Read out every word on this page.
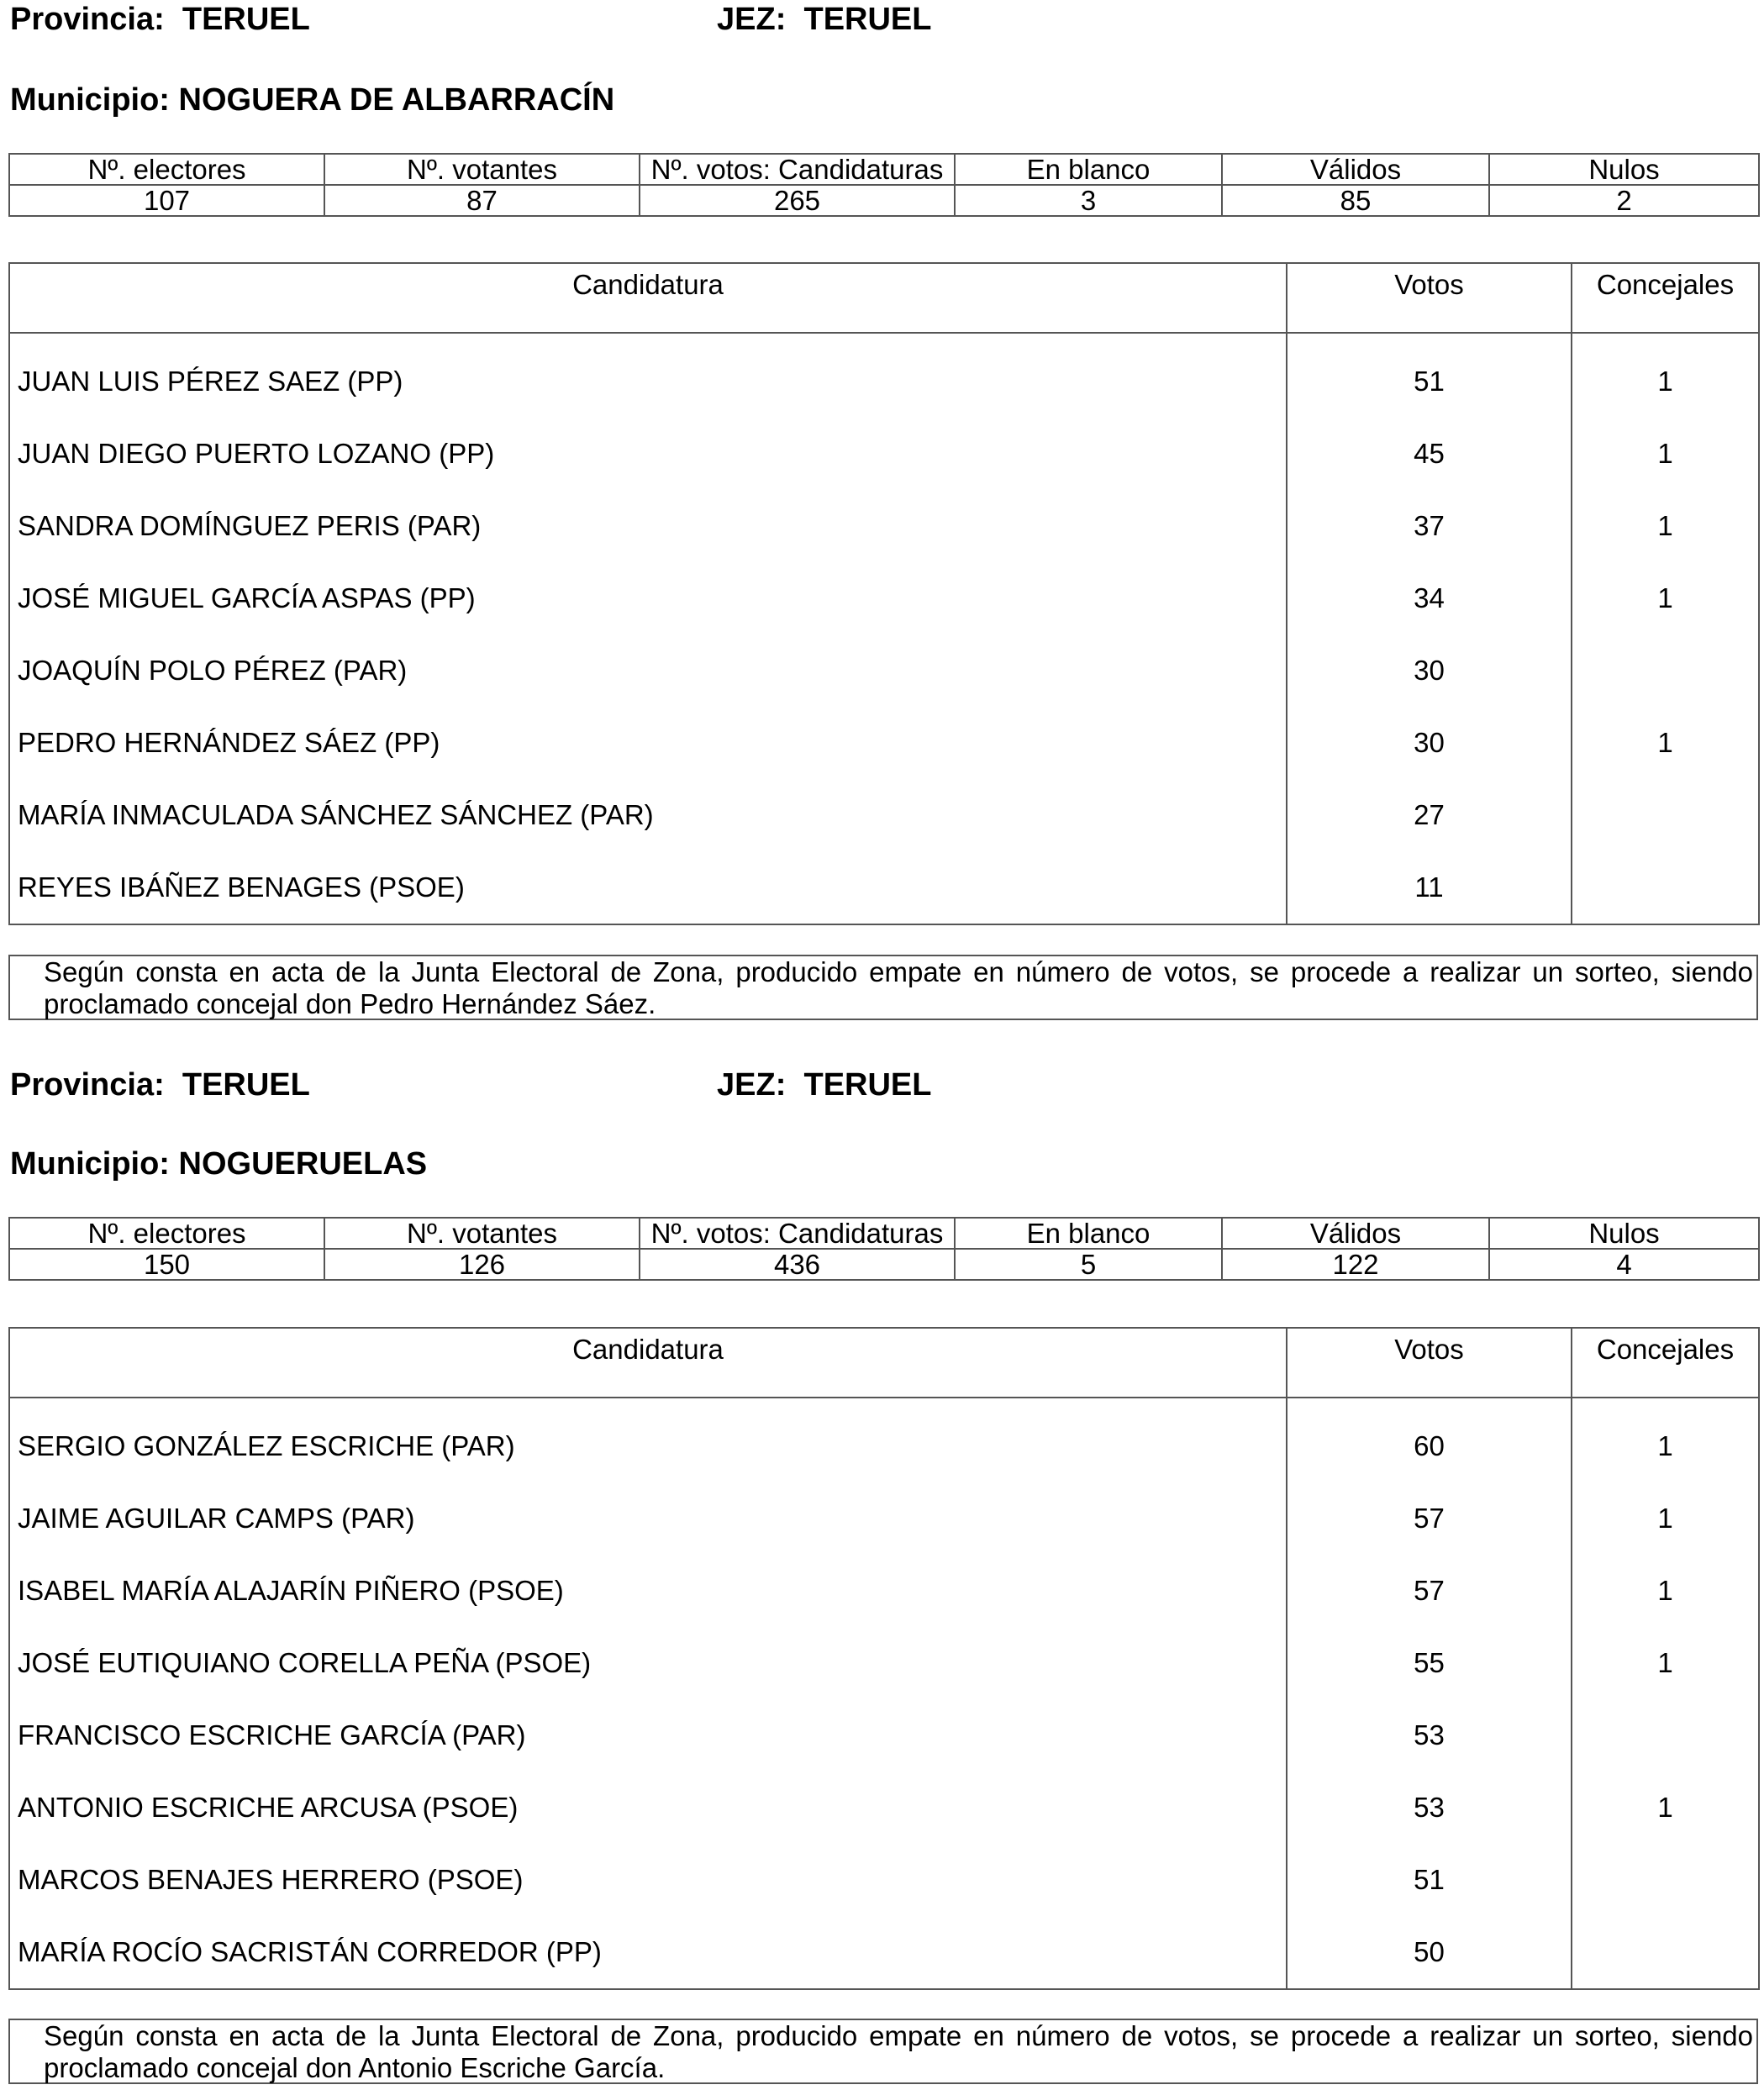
Provincia: TERUEL	JEZ: TERUEL
Municipio: NOGUERA DE ALBARRACÍN
Nº. electores	Nº. votantes	Nº. votos: Candidaturas	En blanco	Válidos	Nulos
107	87	265	3	85	2
Candidatura	Votos	Concejales
JUAN LUIS PÉREZ SAEZ (PP)	51	1
JUAN DIEGO PUERTO LOZANO (PP)	45	1
SANDRA DOMÍNGUEZ PERIS (PAR)	37	1
JOSÉ MIGUEL GARCÍA ASPAS (PP)	34	1
JOAQUÍN POLO PÉREZ (PAR)	30	
PEDRO HERNÁNDEZ SÁEZ (PP)	30	1
MARÍA INMACULADA SÁNCHEZ SÁNCHEZ (PAR)	27	
REYES IBÁÑEZ BENAGES (PSOE)	11	
Según consta en acta de la Junta Electoral de Zona, producido empate en número de votos, se procede a realizar un sorteo, siendo proclamado concejal don Pedro Hernández Sáez.
Provincia: TERUEL	JEZ: TERUEL
Municipio: NOGUERUELAS
Nº. electores	Nº. votantes	Nº. votos: Candidaturas	En blanco	Válidos	Nulos
150	126	436	5	122	4
Candidatura	Votos	Concejales
SERGIO GONZÁLEZ ESCRICHE (PAR)	60	1
JAIME AGUILAR CAMPS (PAR)	57	1
ISABEL MARÍA ALAJARÍN PIÑERO (PSOE)	57	1
JOSÉ EUTIQUIANO CORELLA PEÑA (PSOE)	55	1
FRANCISCO ESCRICHE GARCÍA (PAR)	53	
ANTONIO ESCRICHE ARCUSA (PSOE)	53	1
MARCOS BENAJES HERRERO (PSOE)	51	
MARÍA ROCÍO SACRISTÁN CORREDOR (PP)	50	
Según consta en acta de la Junta Electoral de Zona, producido empate en número de votos, se procede a realizar un sorteo, siendo proclamado concejal don Antonio Escriche García.
